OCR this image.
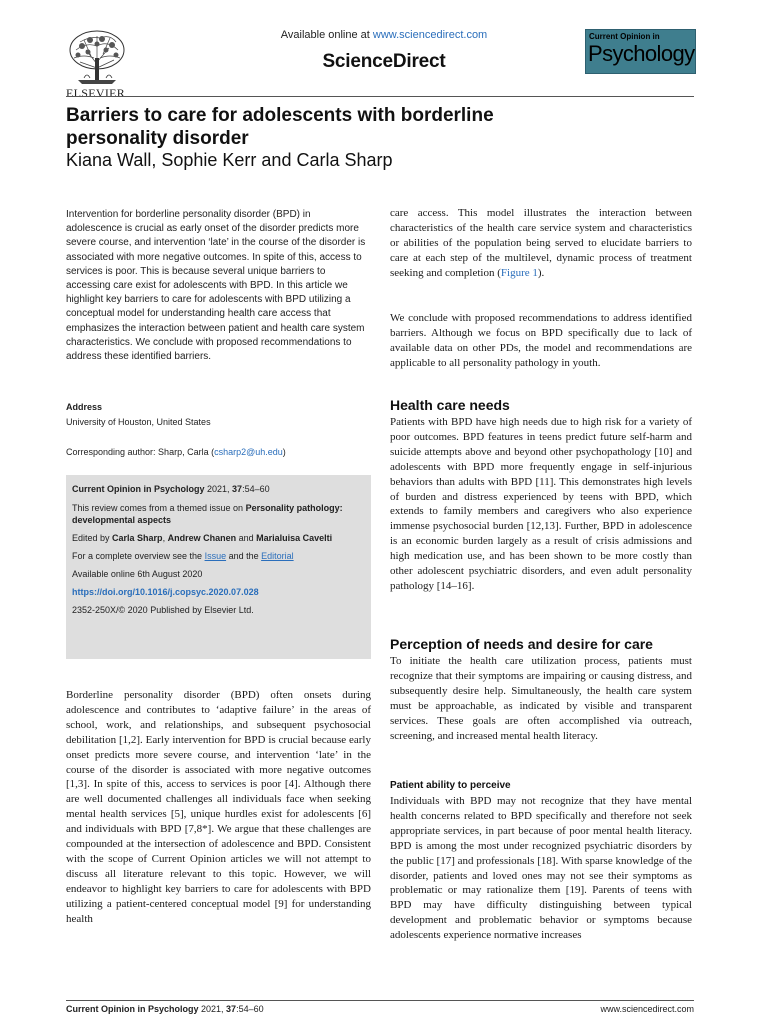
ELSEVIER
Available online at www.sciencedirect.com
ScienceDirect
Current Opinion in
Psychology
Barriers to care for adolescents with borderline personality disorder
Kiana Wall, Sophie Kerr and Carla Sharp
Intervention for borderline personality disorder (BPD) in adolescence is crucial as early onset of the disorder predicts more severe course, and intervention ‘late’ in the course of the disorder is associated with more negative outcomes. In spite of this, access to services is poor. This is because several unique barriers to accessing care exist for adolescents with BPD. In this article we highlight key barriers to care for adolescents with BPD utilizing a conceptual model for understanding health care access that emphasizes the interaction between patient and health care system characteristics. We conclude with proposed recommendations to address these identified barriers.
Address
University of Houston, United States
Corresponding author: Sharp, Carla (csharp2@uh.edu)
Current Opinion in Psychology 2021, 37:54–60
This review comes from a themed issue on Personality pathology: developmental aspects
Edited by Carla Sharp, Andrew Chanen and Marialuisa Cavelti
For a complete overview see the Issue and the Editorial
Available online 6th August 2020
https://doi.org/10.1016/j.copsyc.2020.07.028
2352-250X/© 2020 Published by Elsevier Ltd.
Borderline personality disorder (BPD) often onsets during adolescence and contributes to ‘adaptive failure’ in the areas of school, work, and relationships, and subsequent psychosocial debilitation [1,2]. Early intervention for BPD is crucial because early onset predicts more severe course, and intervention ‘late’ in the course of the disorder is associated with more negative outcomes [1,3]. In spite of this, access to services is poor [4]. Although there are well documented challenges all individuals face when seeking mental health services [5], unique hurdles exist for adolescents [6] and individuals with BPD [7,8*]. We argue that these challenges are compounded at the intersection of adolescence and BPD. Consistent with the scope of Current Opinion articles we will not attempt to discuss all literature relevant to this topic. However, we will endeavor to highlight key barriers to care for adolescents with BPD utilizing a patient-centered conceptual model [9] for understanding health
care access. This model illustrates the interaction between characteristics of the health care service system and characteristics or abilities of the population being served to elucidate barriers to care at each step of the multilevel, dynamic process of treatment seeking and completion (Figure 1).
We conclude with proposed recommendations to address identified barriers. Although we focus on BPD specifically due to lack of available data on other PDs, the model and recommendations are applicable to all personality pathology in youth.
Health care needs
Patients with BPD have high needs due to high risk for a variety of poor outcomes. BPD features in teens predict future self-harm and suicide attempts above and beyond other psychopathology [10] and adolescents with BPD more frequently engage in self-injurious behaviors than adults with BPD [11]. This demonstrates high levels of burden and distress experienced by teens with BPD, which extends to family members and caregivers who also experience immense psychosocial burden [12,13]. Further, BPD in adolescence is an economic burden largely as a result of crisis admissions and high medication use, and has been shown to be more costly than other adolescent psychiatric disorders, and even adult personality pathology [14–16].
Perception of needs and desire for care
To initiate the health care utilization process, patients must recognize that their symptoms are impairing or causing distress, and subsequently desire help. Simultaneously, the health care system must be approachable, as indicated by visible and transparent services. These goals are often accomplished via outreach, screening, and increased mental health literacy.
Patient ability to perceive
Individuals with BPD may not recognize that they have mental health concerns related to BPD specifically and therefore not seek appropriate services, in part because of poor mental health literacy. BPD is among the most under recognized psychiatric disorders by the public [17] and professionals [18]. With sparse knowledge of the disorder, patients and loved ones may not see their symptoms as problematic or may rationalize them [19]. Parents of teens with BPD may have difficulty distinguishing between typical development and problematic behavior or symptoms because adolescents experience normative increases
Current Opinion in Psychology 2021, 37:54–60	www.sciencedirect.com
